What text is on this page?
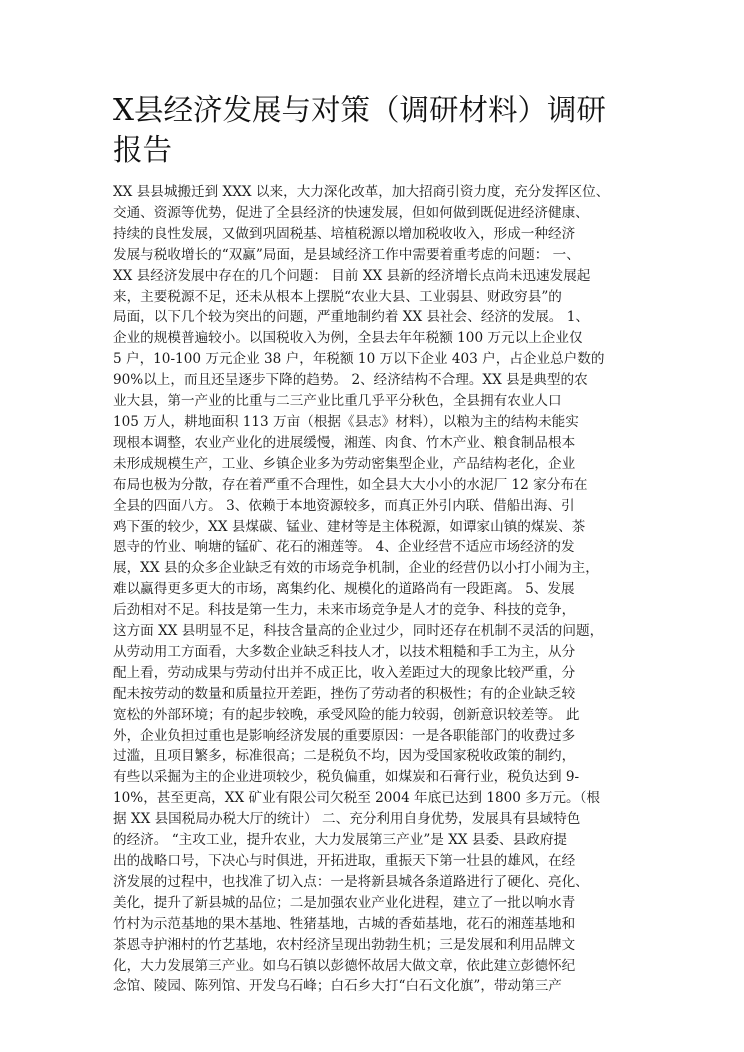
X县经济发展与对策（调研材料）调研报告
XX 县县城搬迁到 XXX 以来，大力深化改革，加大招商引资力度，充分发挥区位、
交通、资源等优势，促进了全县经济的快速发展，但如何做到既促进经济健康、
持续的良性发展，又做到巩固税基、培植税源以增加税收收入，形成一种经济
发展与税收增长的“双赢”局面，是县域经济工作中需要着重考虑的问题： 一、
XX 县经济发展中存在的几个问题： 目前 XX 县新的经济增长点尚未迅速发展起
来，主要税源不足，还未从根本上摆脱“农业大县、工业弱县、财政穷县”的
局面，以下几个较为突出的问题，严重地制约着 XX 县社会、经济的发展。 1、
企业的规模普遍较小。以国税收入为例，全县去年年税额 100 万元以上企业仅
5 户，10-100 万元企业 38 户，年税额 10 万以下企业 403 户，占企业总户数的
90%以上，而且还呈逐步下降的趋势。 2、经济结构不合理。XX 县是典型的农
业大县，第一产业的比重与二三产业比重几乎平分秋色，全县拥有农业人口
105 万人，耕地面积 113 万亩（根据《县志》材料），以粮为主的结构未能实
现根本调整，农业产业化的进展缓慢，湘莲、肉食、竹木产业、粮食制品根本
未形成规模生产，工业、乡镇企业多为劳动密集型企业，产品结构老化，企业
布局也极为分散，存在着严重不合理性，如全县大大小小的水泥厂 12 家分布在
全县的四面八方。 3、依赖于本地资源较多，而真正外引内联、借船出海、引
鸡下蛋的较少，XX 县煤碳、锰业、建材等是主体税源，如谭家山镇的煤炭、茶
恩寺的竹业、响塘的锰矿、花石的湘莲等。 4、企业经营不适应市场经济的发
展，XX 县的众多企业缺乏有效的市场竞争机制，企业的经营仍以小打小闹为主，
难以赢得更多更大的市场，离集约化、规模化的道路尚有一段距离。 5、发展
后劲相对不足。科技是第一生力，未来市场竞争是人才的竞争、科技的竞争，
这方面 XX 县明显不足，科技含量高的企业过少，同时还存在机制不灵活的问题，
从劳动用工方面看，大多数企业缺乏科技人才，以技术粗糙和手工为主，从分
配上看，劳动成果与劳动付出并不成正比，收入差距过大的现象比较严重，分
配未按劳动的数量和质量拉开差距，挫伤了劳动者的积极性；有的企业缺乏较
宽松的外部环境；有的起步较晚，承受风险的能力较弱，创新意识较差等。 此
外，企业负担过重也是影响经济发展的重要原因：一是各职能部门的收费过多
过滥，且项目繁多，标准很高；二是税负不均，因为受国家税收政策的制约，
有些以采掘为主的企业进项较少，税负偏重，如煤炭和石膏行业，税负达到 9-
10%，甚至更高，XX 矿业有限公司欠税至 2004 年底已达到 1800 多万元。（根
据 XX 县国税局办税大厅的统计） 二、充分利用自身优势，发展具有县域特色
的经济。 “主攻工业，提升农业，大力发展第三产业”是 XX 县委、县政府提
出的战略口号，下决心与时俱进，开拓进取，重振天下第一壮县的雄风，在经
济发展的过程中，也找准了切入点：一是将新县城各条道路进行了硬化、亮化、
美化，提升了新县城的品位；二是加强农业产业化进程，建立了一批以响水青
竹村为示范基地的果木基地、牲猪基地，古城的香茹基地，花石的湘莲基地和
茶恩寺护湘村的竹艺基地，农村经济呈现出勃勃生机；三是发展和利用品牌文
化，大力发展第三产业。如乌石镇以彭德怀故居大做文章，依此建立彭德怀纪
念馆、陵园、陈列馆、开发乌石峰；白石乡大打“白石文化旗”，带动第三产
